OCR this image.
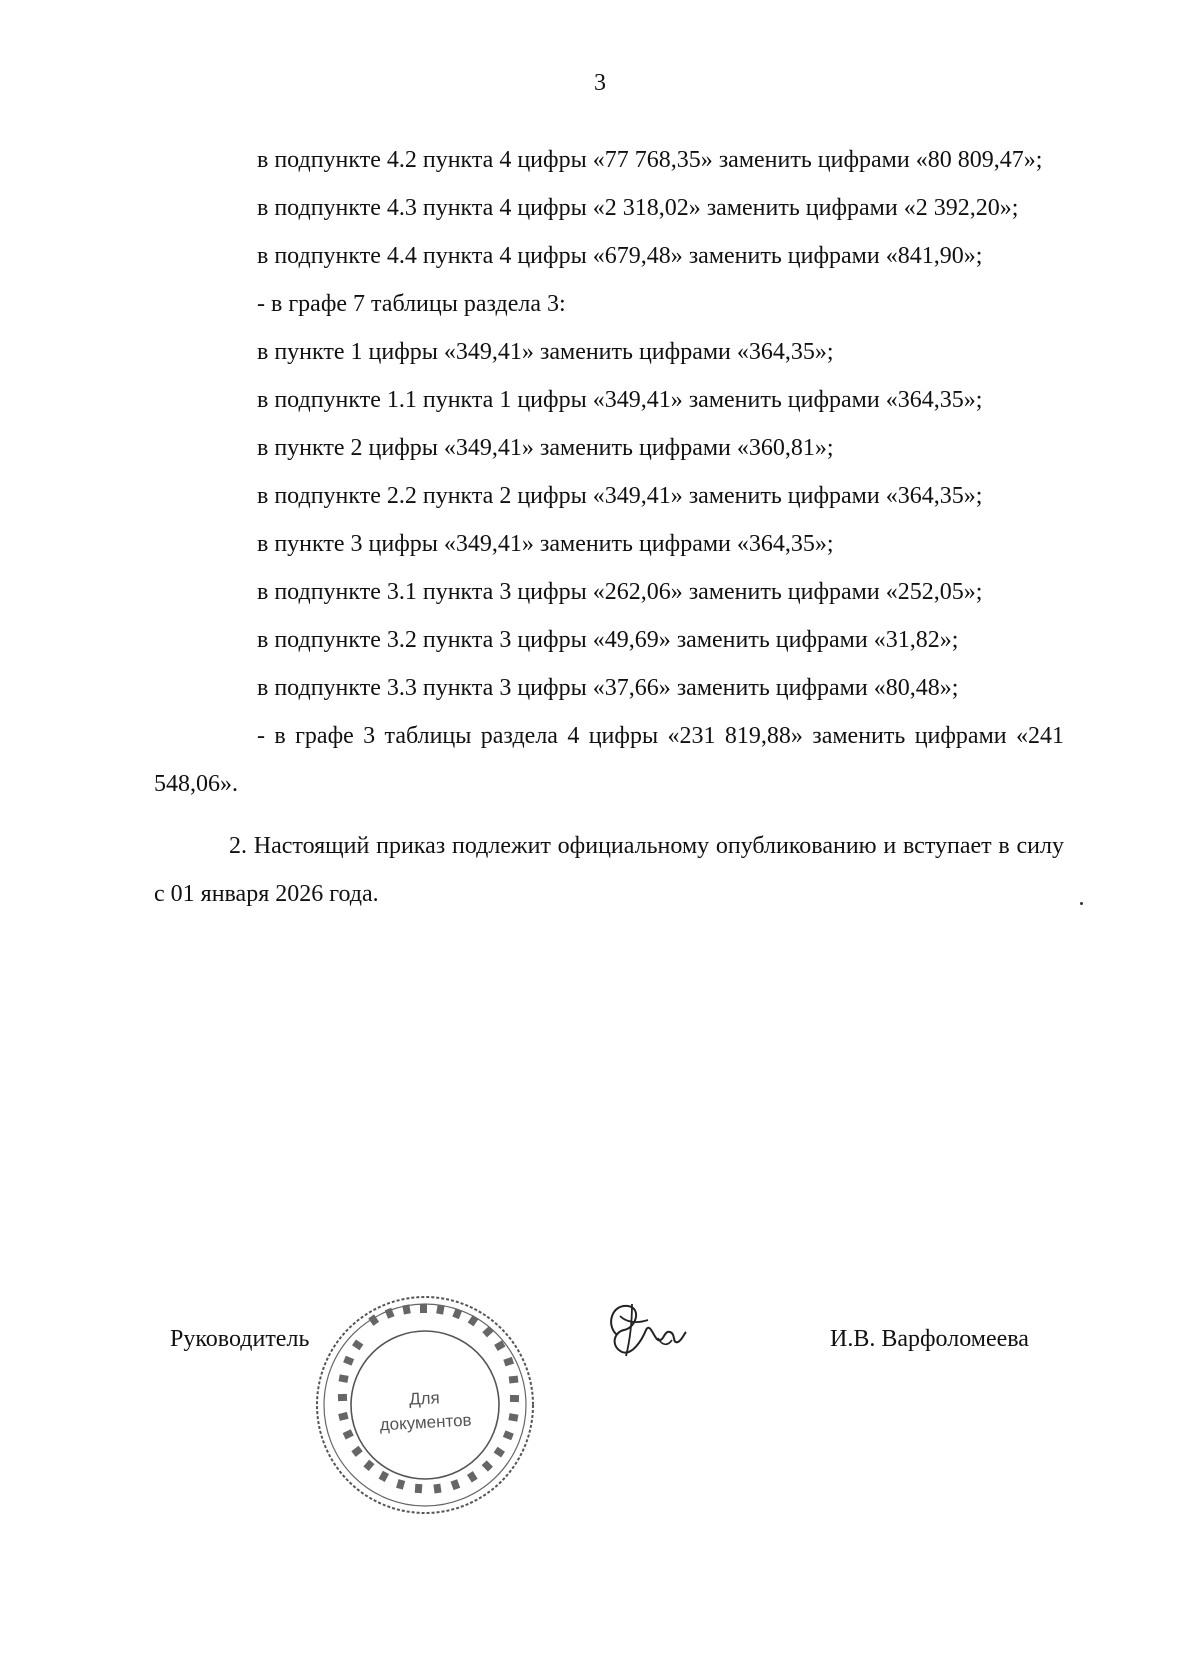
3

в подпункте 4.2 пункта 4 цифры «77 768,35» заменить цифрами «80 809,47»;

в подпункте 4.3 пункта 4 цифры «2 318,02» заменить цифрами «2 392,20»;

в подпункте 4.4 пункта 4 цифры «679,48» заменить цифрами «841,90»;

- в графе 7 таблицы раздела 3:

в пункте 1 цифры «349,41» заменить цифрами «364,35»;

в подпункте 1.1 пункта 1 цифры «349,41» заменить цифрами «364,35»;

в пункте 2 цифры «349,41» заменить цифрами «360,81»;

в подпункте 2.2 пункта 2 цифры «349,41» заменить цифрами «364,35»;

в пункте 3 цифры «349,41» заменить цифрами «364,35»;

в подпункте 3.1 пункта 3 цифры «262,06» заменить цифрами «252,05»;

в подпункте 3.2 пункта 3 цифры «49,69» заменить цифрами «31,82»;

в подпункте 3.3 пункта 3 цифры «37,66» заменить цифрами «80,48»;

- в графе 3 таблицы раздела 4 цифры «231 819,88» заменить цифрами «241 548,06».

2. Настоящий приказ подлежит официальному опубликованию и вступает в силу с 01 января 2026 года.

Руководитель
Для
документов
И.В. Варфоломеева
